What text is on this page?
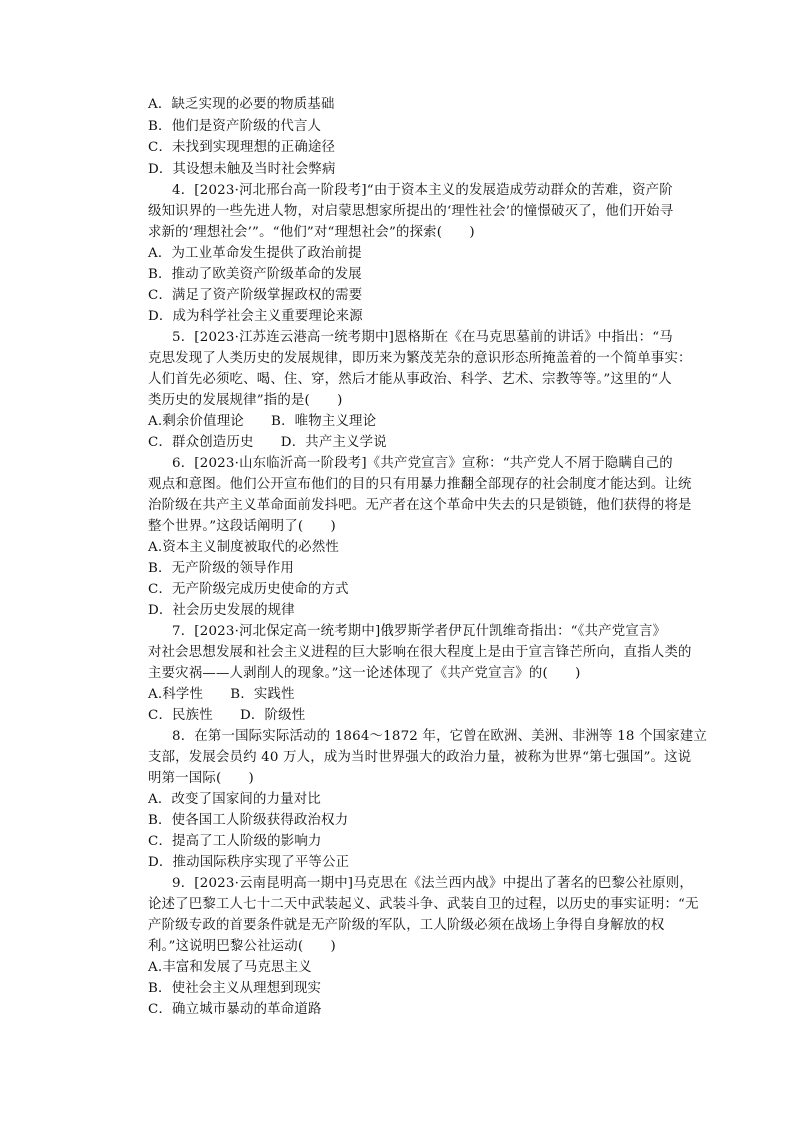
A．缺乏实现的必要的物质基础
B．他们是资产阶级的代言人
C．未找到实现理想的正确途径
D．其设想未触及当时社会弊病
4．[2023·河北邢台高一阶段考]“由于资本主义的发展造成劳动群众的苦难，资产阶
级知识界的一些先进人物，对启蒙思想家所提出的‘理性社会’的憧憬破灭了，他们开始寻
求新的‘理想社会’”。“他们”对“理想社会”的探索(　　)
A．为工业革命发生提供了政治前提
B．推动了欧美资产阶级革命的发展
C．满足了资产阶级掌握政权的需要
D．成为科学社会主义重要理论来源
5．[2023·江苏连云港高一统考期中]恩格斯在《在马克思墓前的讲话》中指出：“马
克思发现了人类历史的发展规律，即历来为繁茂芜杂的意识形态所掩盖着的一个简单事实：
人们首先必须吃、喝、住、穿，然后才能从事政治、科学、艺术、宗教等等。”这里的“人
类历史的发展规律”指的是(　　)
A.剩余价值理论　　B．唯物主义理论
C．群众创造历史　　D．共产主义学说
6．[2023·山东临沂高一阶段考]《共产党宣言》宣称：“共产党人不屑于隐瞒自己的
观点和意图。他们公开宣布他们的目的只有用暴力推翻全部现存的社会制度才能达到。让统
治阶级在共产主义革命面前发抖吧。无产者在这个革命中失去的只是锁链，他们获得的将是
整个世界。”这段话阐明了(　　)
A.资本主义制度被取代的必然性
B．无产阶级的领导作用
C．无产阶级完成历史使命的方式
D．社会历史发展的规律
7．[2023·河北保定高一统考期中]俄罗斯学者伊瓦什凯维奇指出：“《共产党宣言》
对社会思想发展和社会主义进程的巨大影响在很大程度上是由于宣言锋芒所向，直指人类的
主要灾祸——人剥削人的现象。”这一论述体现了《共产党宣言》的(　　)
A.科学性　　B．实践性
C．民族性　　D．阶级性
8．在第一国际实际活动的 1864～1872 年，它曾在欧洲、美洲、非洲等 18 个国家建立
支部，发展会员约 40 万人，成为当时世界强大的政治力量，被称为世界“第七强国”。这说
明第一国际(　　)
A．改变了国家间的力量对比
B．使各国工人阶级获得政治权力
C．提高了工人阶级的影响力
D．推动国际秩序实现了平等公正
9．[2023·云南昆明高一期中]马克思在《法兰西内战》中提出了著名的巴黎公社原则，
论述了巴黎工人七十二天中武装起义、武装斗争、武装自卫的过程，以历史的事实证明：“无
产阶级专政的首要条件就是无产阶级的军队，工人阶级必须在战场上争得自身解放的权
利。”这说明巴黎公社运动(　　)
A.丰富和发展了马克思主义
B．使社会主义从理想到现实
C．确立城市暴动的革命道路
